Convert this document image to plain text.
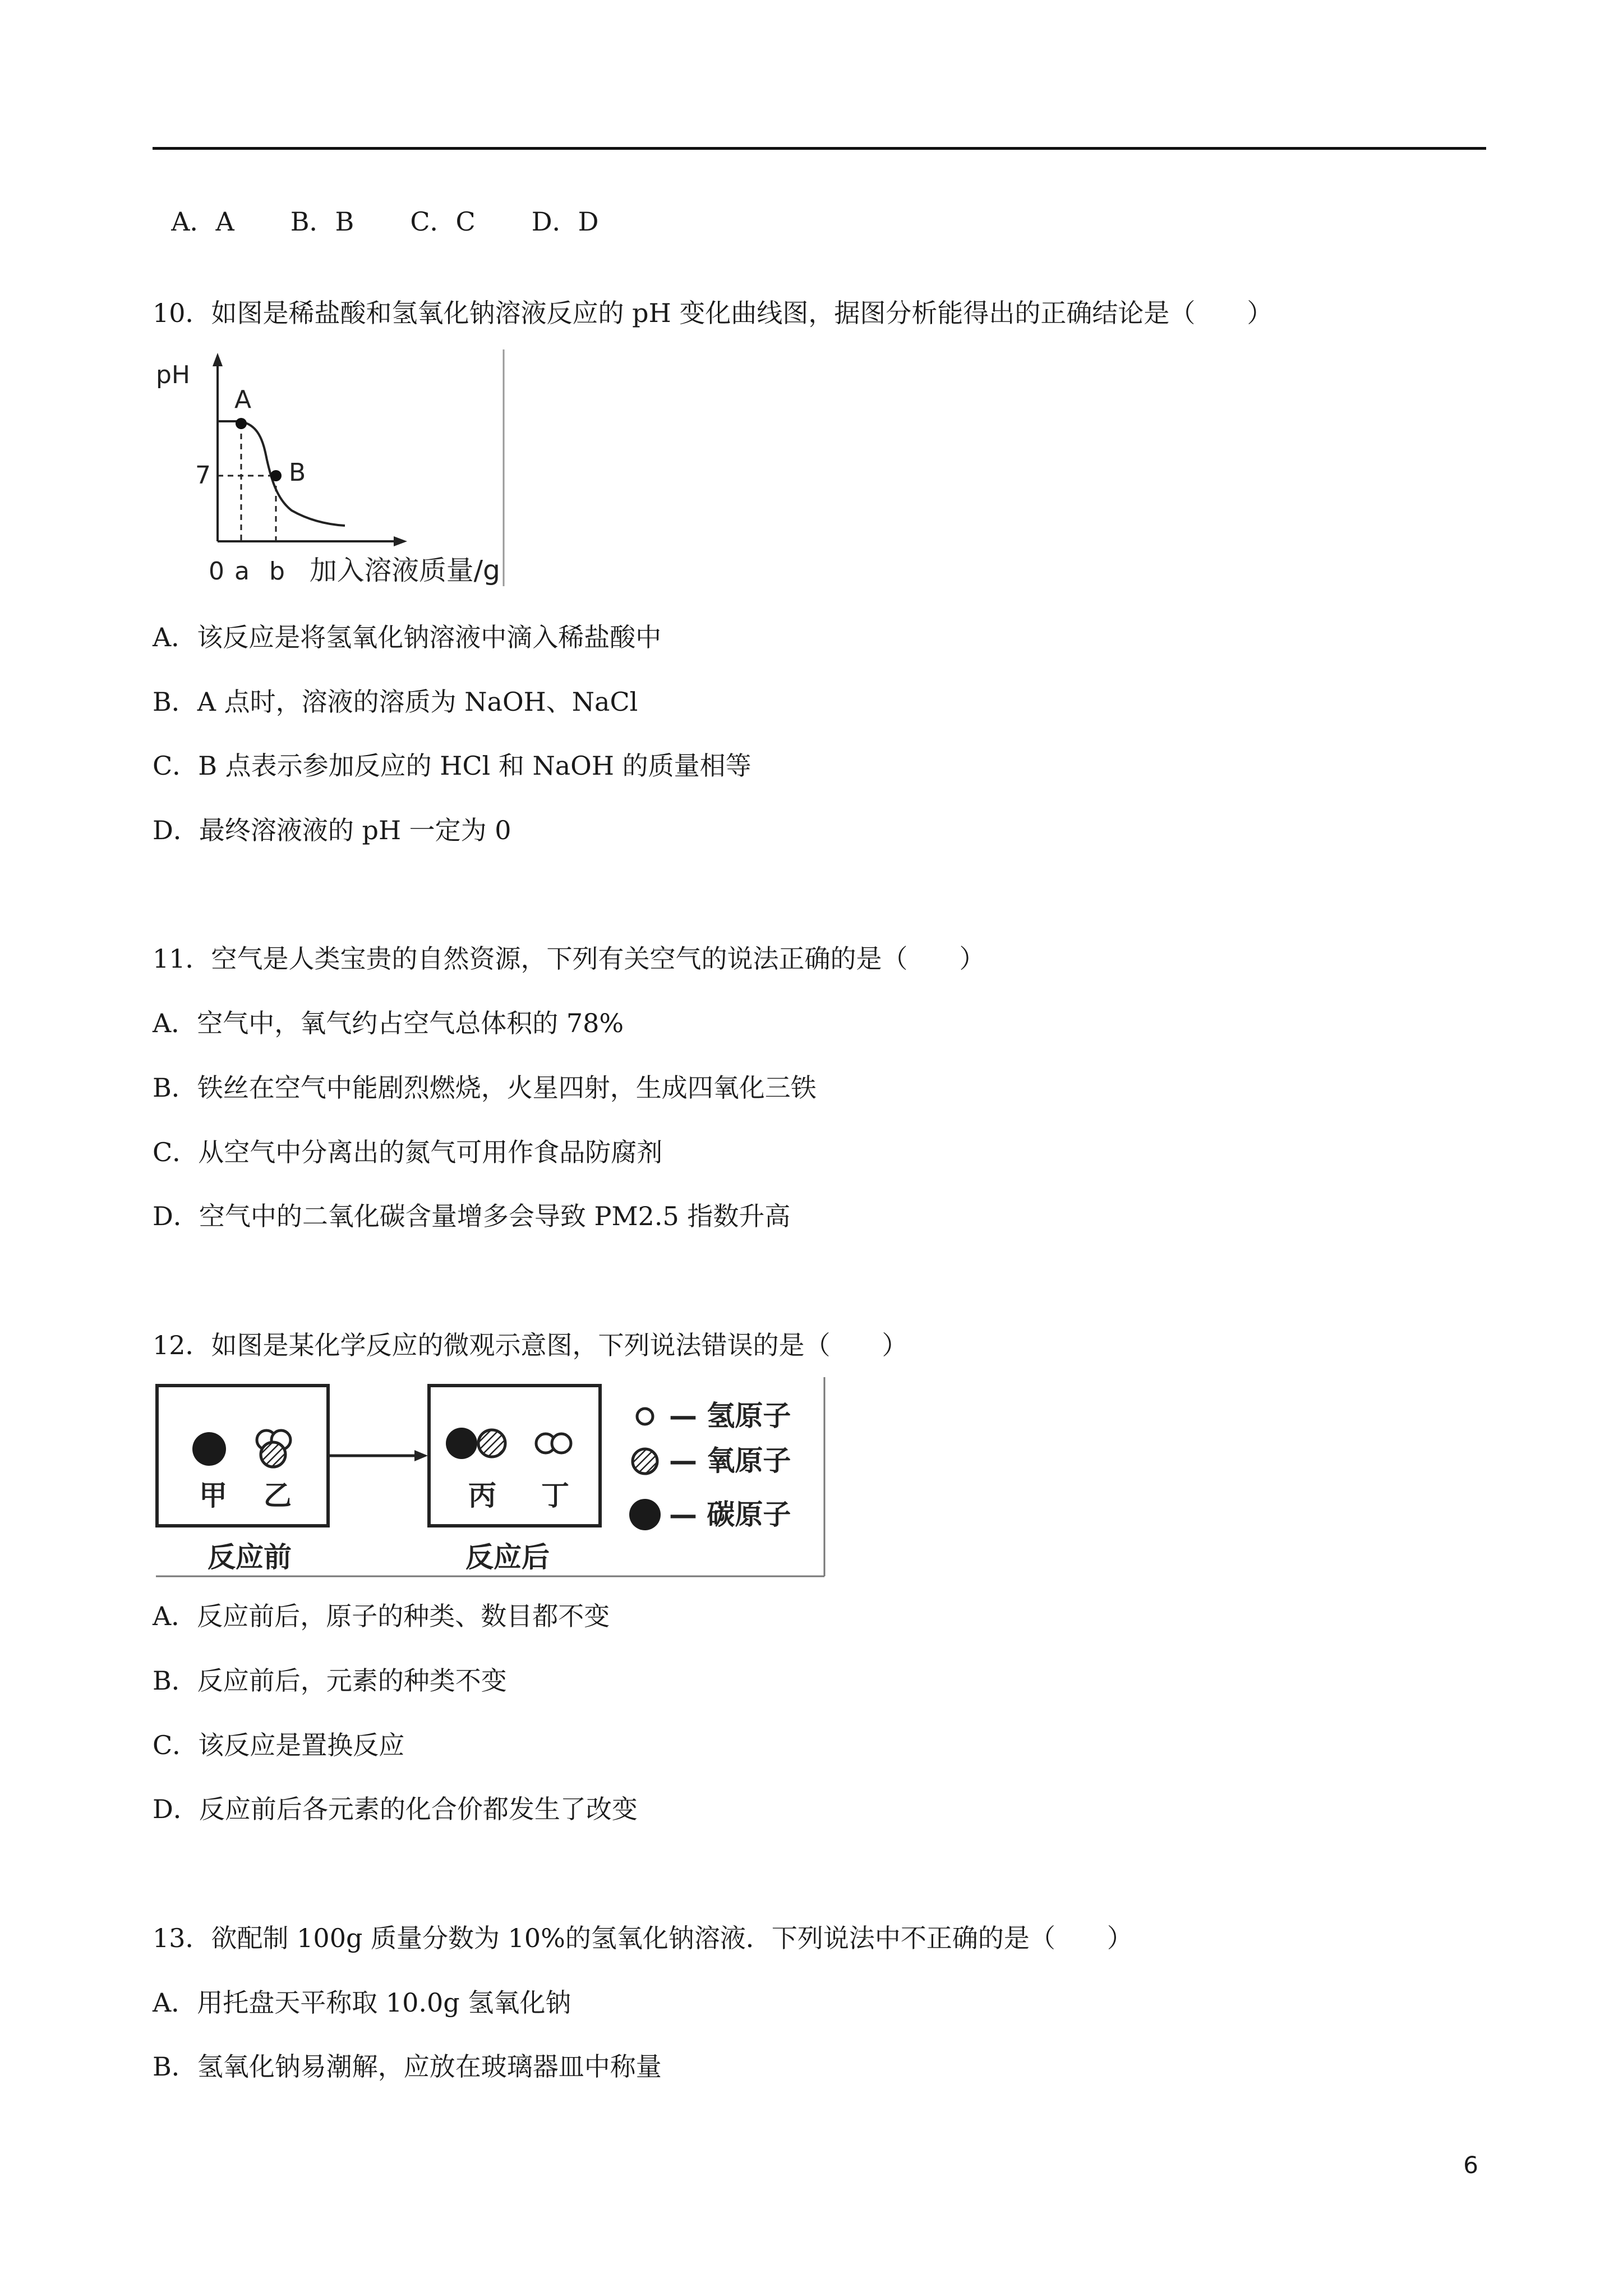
A．A B．B C．C D．D

10．如图是稀盐酸和氢氧化钠溶液反应的 pH 变化曲线图，据图分析能得出的正确结论是（　　）
pH
7
A
B
0 a b 加入溶液质量/g
A．该反应是将氢氧化钠溶液中滴入稀盐酸中
B．A 点时，溶液的溶质为 NaOH、NaCl
C．B 点表示参加反应的 HCl 和 NaOH 的质量相等
D．最终溶液液的 pH 一定为 0
11．空气是人类宝贵的自然资源，下列有关空气的说法正确的是（　　）
A．空气中，氧气约占空气总体积的 78%
B．铁丝在空气中能剧烈燃烧，火星四射，生成四氧化三铁
C．从空气中分离出的氮气可用作食品防腐剂
D．空气中的二氧化碳含量增多会导致 PM2.5 指数升高
12．如图是某化学反应的微观示意图，下列说法错误的是（　　）
甲 乙
反应前
丙 丁
反应后
— 氢原子
— 氧原子
— 碳原子
A．反应前后，原子的种类、数目都不变
B．反应前后，元素的种类不变
C．该反应是置换反应
D．反应前后各元素的化合价都发生了改变
13．欲配制 100g 质量分数为 10%的氢氧化钠溶液．下列说法中不正确的是（　　）
A．用托盘天平称取 10.0g 氢氧化钠
B．氢氧化钠易潮解，应放在玻璃器皿中称量
6
